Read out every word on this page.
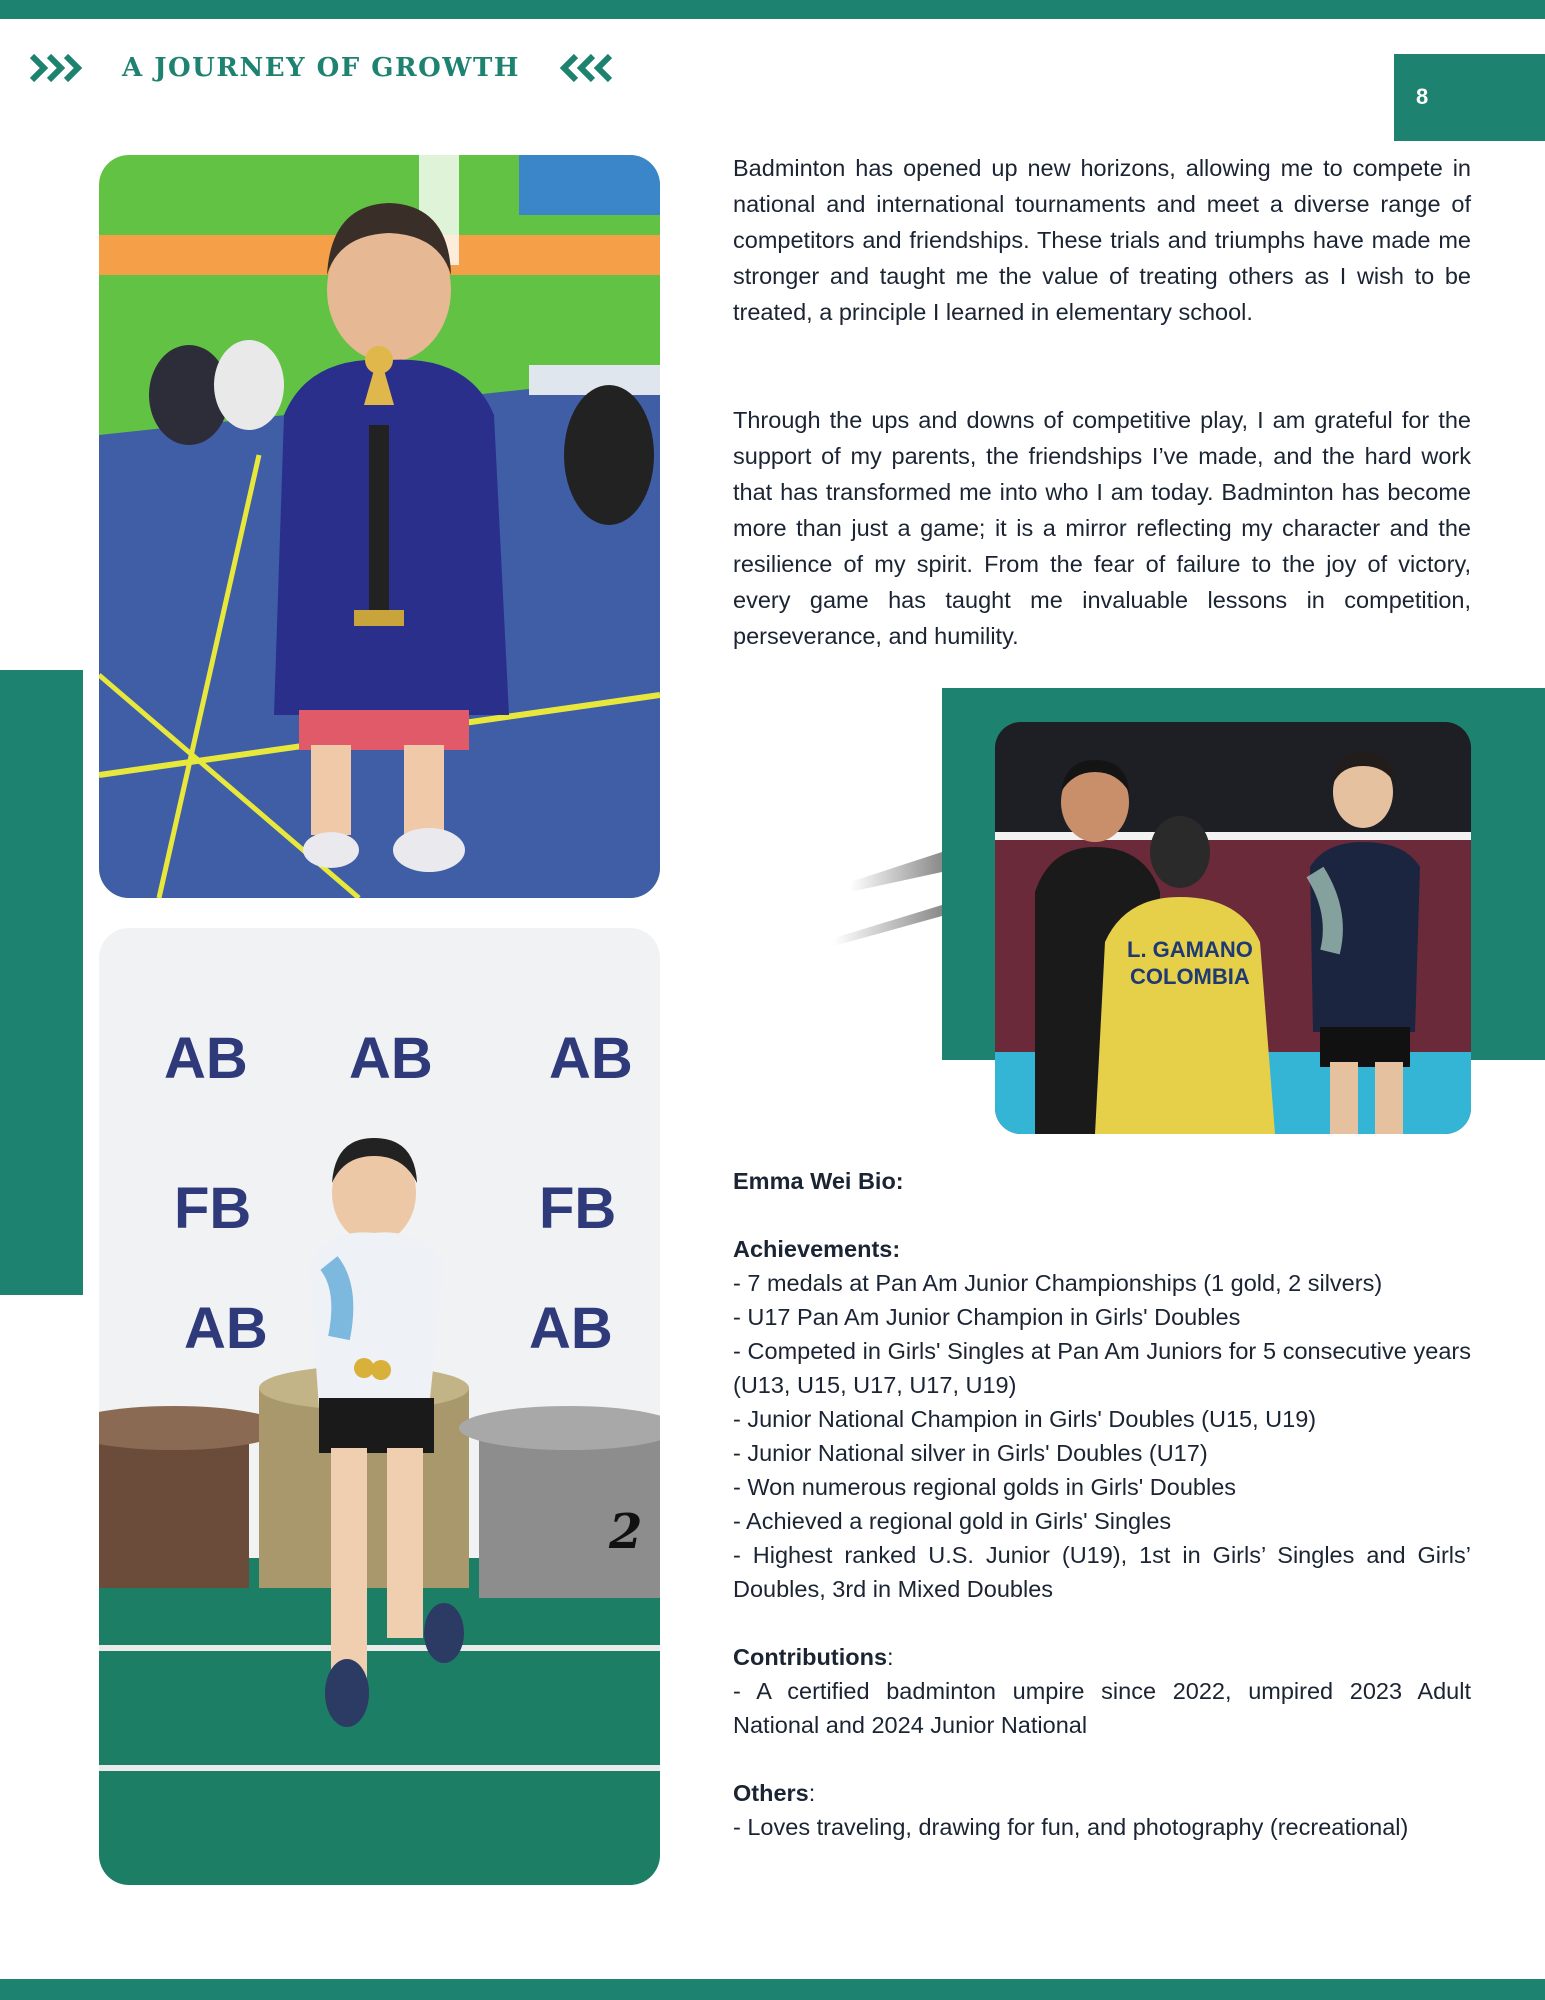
A JOURNEY OF GROWTH
8
AB AB AB
FB	FB
AB	AB
2
L. GAMANO
COLOMBIA

Badminton has opened up new horizons, allowing me to compete in national and international tournaments and meet a diverse range of competitors and friendships. These trials and triumphs have made me stronger and taught me the value of treating others as I wish to be treated, a principle I learned in elementary school.

Through the ups and downs of competitive play, I am grateful for the support of my parents, the friendships I’ve made, and the hard work that has transformed me into who I am today. Badminton has become more than just a game; it is a mirror reflecting my character and the resilience of my spirit. From the fear of failure to the joy of victory, every game has taught me invaluable lessons in competition, perseverance, and humility.

Emma Wei Bio:

Achievements:

- 7 medals at Pan Am Junior Championships (1 gold, 2 silvers)

- U17 Pan Am Junior Champion in Girls' Doubles

- Competed in Girls' Singles at Pan Am Juniors for 5 consecutive years (U13, U15, U17, U17, U19)

- Junior National Champion in Girls' Doubles (U15, U19)

- Junior National silver in Girls' Doubles (U17)

- Won numerous regional golds in Girls' Doubles

- Achieved a regional gold in Girls' Singles

- Highest ranked U.S. Junior (U19), 1st in Girls’ Singles and Girls’ Doubles, 3rd in Mixed Doubles

Contributions:

- A certified badminton umpire since 2022, umpired 2023 Adult National and 2024 Junior National

Others:

- Loves traveling, drawing for fun, and photography (recreational)
